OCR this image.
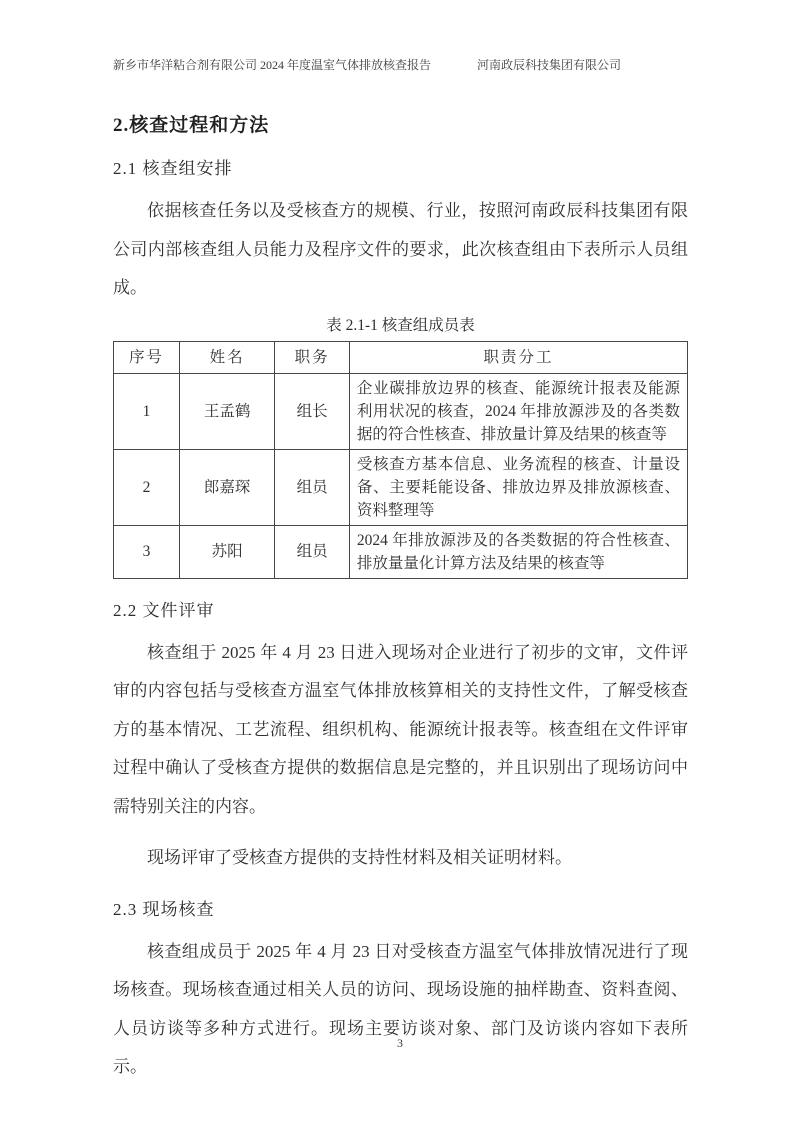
新乡市华洋粘合剂有限公司 2024 年度温室气体排放核查报告	河南政辰科技集团有限公司
2.核查过程和方法
2.1 核查组安排

依据核查任务以及受核查方的规模、行业，按照河南政辰科技集团有限公司内部核查组人员能力及程序文件的要求，此次核查组由下表所示人员组成。

表 2.1-1 核查组成员表

序号	姓名	职务	职责分工
1	王孟鹤	组长	企业碳排放边界的核查、能源统计报表及能源利用状况的核查，2024 年排放源涉及的各类数据的符合性核查、排放量计算及结果的核查等
2	郎嘉琛	组员	受核查方基本信息、业务流程的核查、计量设备、主要耗能设备、排放边界及排放源核查、资料整理等
3	苏阳	组员	2024 年排放源涉及的各类数据的符合性核查、排放量量化计算方法及结果的核查等
2.2 文件评审

核查组于 2025 年 4 月 23 日进入现场对企业进行了初步的文审，文件评审的内容包括与受核查方温室气体排放核算相关的支持性文件，了解受核查方的基本情况、工艺流程、组织机构、能源统计报表等。核查组在文件评审过程中确认了受核查方提供的数据信息是完整的，并且识别出了现场访问中需特别关注的内容。

现场评审了受核查方提供的支持性材料及相关证明材料。

2.3 现场核查

核查组成员于 2025 年 4 月 23 日对受核查方温室气体排放情况进行了现场核查。现场核查通过相关人员的访问、现场设施的抽样勘查、资料查阅、人员访谈等多种方式进行。现场主要访谈对象、部门及访谈内容如下表所示。

3
